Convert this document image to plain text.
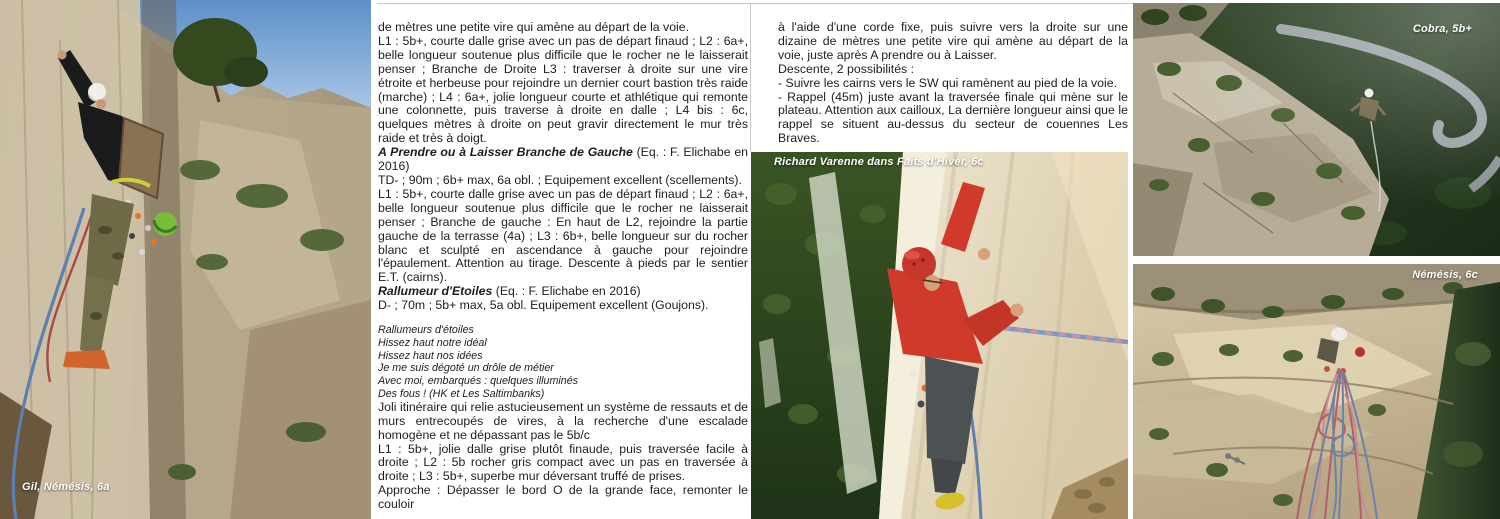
Gil, Némésis, 6a

de mètres une petite vire qui amène au départ de la voie.

L1 : 5b+, courte dalle grise avec un pas de départ finaud ; L2 : 6a+, belle longueur soutenue plus difficile que le rocher ne le laisserait penser ; Branche de Droite L3 : traverser à droite sur une vire étroite et herbeuse pour rejoindre un dernier court bastion très raide (marche) ; L4 : 6a+, jolie longueur courte et athlétique qui remonte une colonnette, puis traverse à droite en dalle ; L4 bis : 6c, quelques mètres à droite on peut gravir directement le mur très raide et très à doigt.

A Prendre ou à Laisser Branche de Gauche (Eq. : F. Elichabe en 2016)

TD- ; 90m ; 6b+ max, 6a obl. ; Equipement excellent (scellements).

L1 : 5b+, courte dalle grise avec un pas de départ finaud ; L2 : 6a+, belle longueur soutenue plus difficile que le rocher ne laisserait penser ; Branche de gauche : En haut de L2, rejoindre la partie gauche de la terrasse (4a) ; L3 : 6b+, belle longueur sur du rocher blanc et sculpté en ascendance à gauche pour rejoindre l'épaulement. Attention au tirage. Descente à pieds par le sentier E.T. (cairns).

Rallumeur d'Etoiles (Eq. : F. Elichabe en 2016)

D- ; 70m ; 5b+ max, 5a obl. Equipement excellent (Goujons).

Rallumeurs d'étoiles
Hissez haut notre idéal
Hissez haut nos idées
Je me suis dégoté un drôle de métier
Avec moi, embarqués : quelques illuminés
Des fous ! (HK et Les Saltimbanks)

Joli itinéraire qui relie astucieusement un système de ressauts et de murs entrecoupés de vires, à la recherche d'une escalade homogène et ne dépassant pas le 5b/c

L1 : 5b+, jolie dalle grise plutôt finaude, puis traversée facile à droite ; L2 : 5b rocher gris compact avec un pas en traversée à droite ; L3 : 5b+, superbe mur déversant truffé de prises.

Approche : Dépasser le bord O de la grande face, remonter le couloir

à l'aide d'une corde fixe, puis suivre vers la droite sur une dizaine de mètres une petite vire qui amène au départ de la voie, juste après A prendre ou à Laisser.

Descente, 2 possibilités :

- Suivre les cairns vers le SW qui ramènent au pied de la voie.

- Rappel (45m) juste avant la traversée finale qui mène sur le plateau. Attention aux cailloux, La dernière longueur ainsi que le rappel se situent au-dessus du secteur de couennes Les Braves.

Richard Varenne dans Faits d'Hiver, 6c
Cobra, 5b+
Némésis, 6c
